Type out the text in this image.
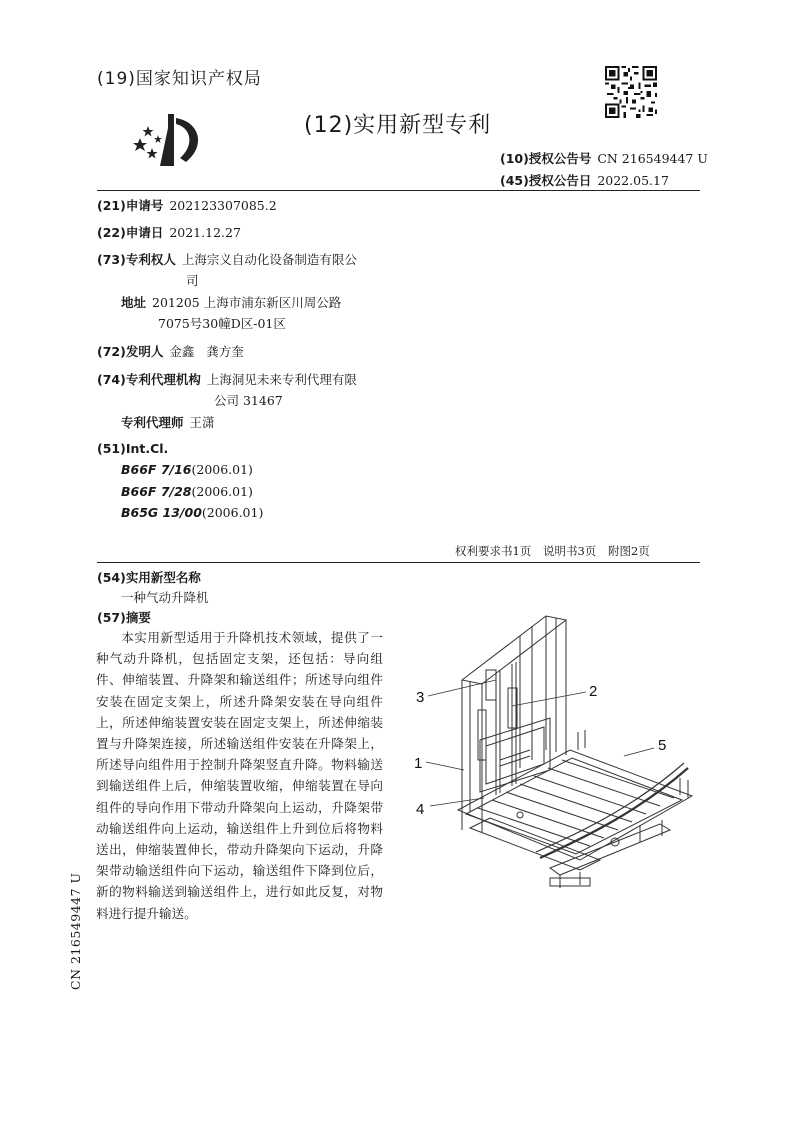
(19)国家知识产权局
(12)实用新型专利
(10)授权公告号 CN 216549447 U
(45)授权公告日 2022.05.17
(21)申请号 202123307085.2
(22)申请日 2021.12.27
(73)专利权人 上海宗义自动化设备制造有限公
司
地址 201205 上海市浦东新区川周公路
7075号30幢D区-01区
(72)发明人 金鑫   龚方奎
(74)专利代理机构 上海洞见未来专利代理有限
公司 31467
专利代理师 王潇
(51)Int.Cl.
B66F 7/16(2006.01)
B66F 7/28(2006.01)
B65G 13/00(2006.01)
权利要求书1页 说明书3页 附图2页
(54)实用新型名称
一种气动升降机
(57)摘要
本实用新型适用于升降机技术领域，提供了一种气动升降机，包括固定支架，还包括：导向组件、伸缩装置、升降架和输送组件；所述导向组件安装在固定支架上，所述升降架安装在导向组件上，所述伸缩装置安装在固定支架上，所述伸缩装置与升降架连接，所述输送组件安装在升降架上，所述导向组件用于控制升降架竖直升降。物料输送到输送组件上后，伸缩装置收缩，伸缩装置在导向组件的导向作用下带动升降架向上运动，升降架带动输送组件向上运动，输送组件上升到位后将物料送出，伸缩装置伸长，带动升降架向下运动，升降架带动输送组件向下运动，输送组件下降到位后，新的物料输送到输送组件上，进行如此反复，对物料进行提升输送。
CN 216549447 U
3	2
1
4
5
